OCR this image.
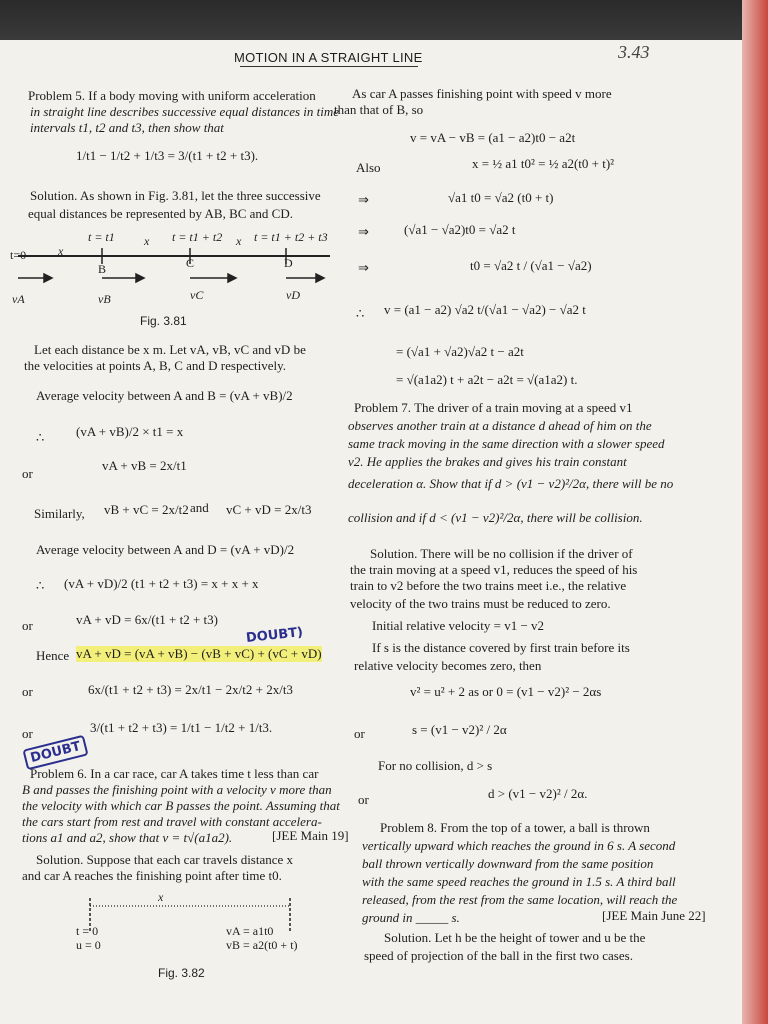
MOTION IN A STRAIGHT LINE	3.43
Problem 5. If a body moving with uniform acceleration
in straight line describes successive equal distances in time
intervals t1, t2 and t3, then show that
1/t1 − 1/t2 + 1/t3 = 3/(t1 + t2 + t3).
Solution. As shown in Fig. 3.81, let the three successive
equal distances be represented by AB, BC and CD.
t = t1	t = t1 + t2	t = t1 + t2 + t3
x
x	x
t=0
B	C	D
vA	vB	vC	vD
Fig. 3.81
Let each distance be x m. Let vA, vB, vC and vD be
the velocities at points A, B, C and D respectively.
Average velocity between A and B = (vA + vB)/2
∴ (vA + vB)/2 × t1 = x
or
vA + vB = 2x/t1
Similarly, vB + vC = 2x/t2 and vC + vD = 2x/t3
Average velocity between A and D = (vA + vD)/2
∴ (vA + vD)/2 (t1 + t2 + t3) = x + x + x
or	vA + vD = 6x/(t1 + t2 + t3)
Hence vA + vD = (vA + vB) − (vB + vC) + (vC + vD)
DOUBT)
or	6x/(t1 + t2 + t3) = 2x/t1 − 2x/t2 + 2x/t3
or	3/(t1 + t2 + t3) = 1/t1 − 1/t2 + 1/t3.
DOUBT
Problem 6. In a car race, car A takes time t less than car
B and passes the finishing point with a velocity v more than
the velocity with which car B passes the point. Assuming that
the cars start from rest and travel with constant accelera-
tions a1 and a2, show that v = t√(a1a2).	[JEE Main 19]
Solution. Suppose that each car travels distance x
and car A reaches the finishing point after time t0.
x
t = 0
u = 0
vA = a1t0
vB = a2(t0 + t)
Fig. 3.82
As car A passes finishing point with speed v more
than that of B, so
v = vA − vB = (a1 − a2)t0 − a2t
Also	x = ½ a1 t0² = ½ a2(t0 + t)²
⇒	√a1 t0 = √a2 (t0 + t)
⇒	(√a1 − √a2)t0 = √a2 t
⇒	t0 = √a2 t / (√a1 − √a2)
∴ v = (a1 − a2) √a2 t/(√a1 − √a2) − √a2 t
= (√a1 + √a2)√a2 t − a2t
= √(a1a2) t + a2t − a2t = √(a1a2) t.
Problem 7. The driver of a train moving at a speed v1
observes another train at a distance d ahead of him on the
same track moving in the same direction with a slower speed
v2. He applies the brakes and gives his train constant
deceleration α. Show that if d > (v1 − v2)²/2α, there will be no
collision and if d < (v1 − v2)²/2α, there will be collision.
Solution. There will be no collision if the driver of
the train moving at a speed v1, reduces the speed of his
train to v2 before the two trains meet i.e., the relative
velocity of the two trains must be reduced to zero.
Initial relative velocity = v1 − v2
If s is the distance covered by first train before its
relative velocity becomes zero, then
v² = u² + 2 as or 0 = (v1 − v2)² − 2αs
or	s = (v1 − v2)² / 2α
For no collision, d > s
or	d > (v1 − v2)² / 2α.
Problem 8. From the top of a tower, a ball is thrown
vertically upward which reaches the ground in 6 s. A second
ball thrown vertically downward from the same position
with the same speed reaches the ground in 1.5 s. A third ball
released, from the rest from the same location, will reach the
ground in _____ s.	[JEE Main June 22]
Solution. Let h be the height of tower and u be the
speed of projection of the ball in the first two cases.
